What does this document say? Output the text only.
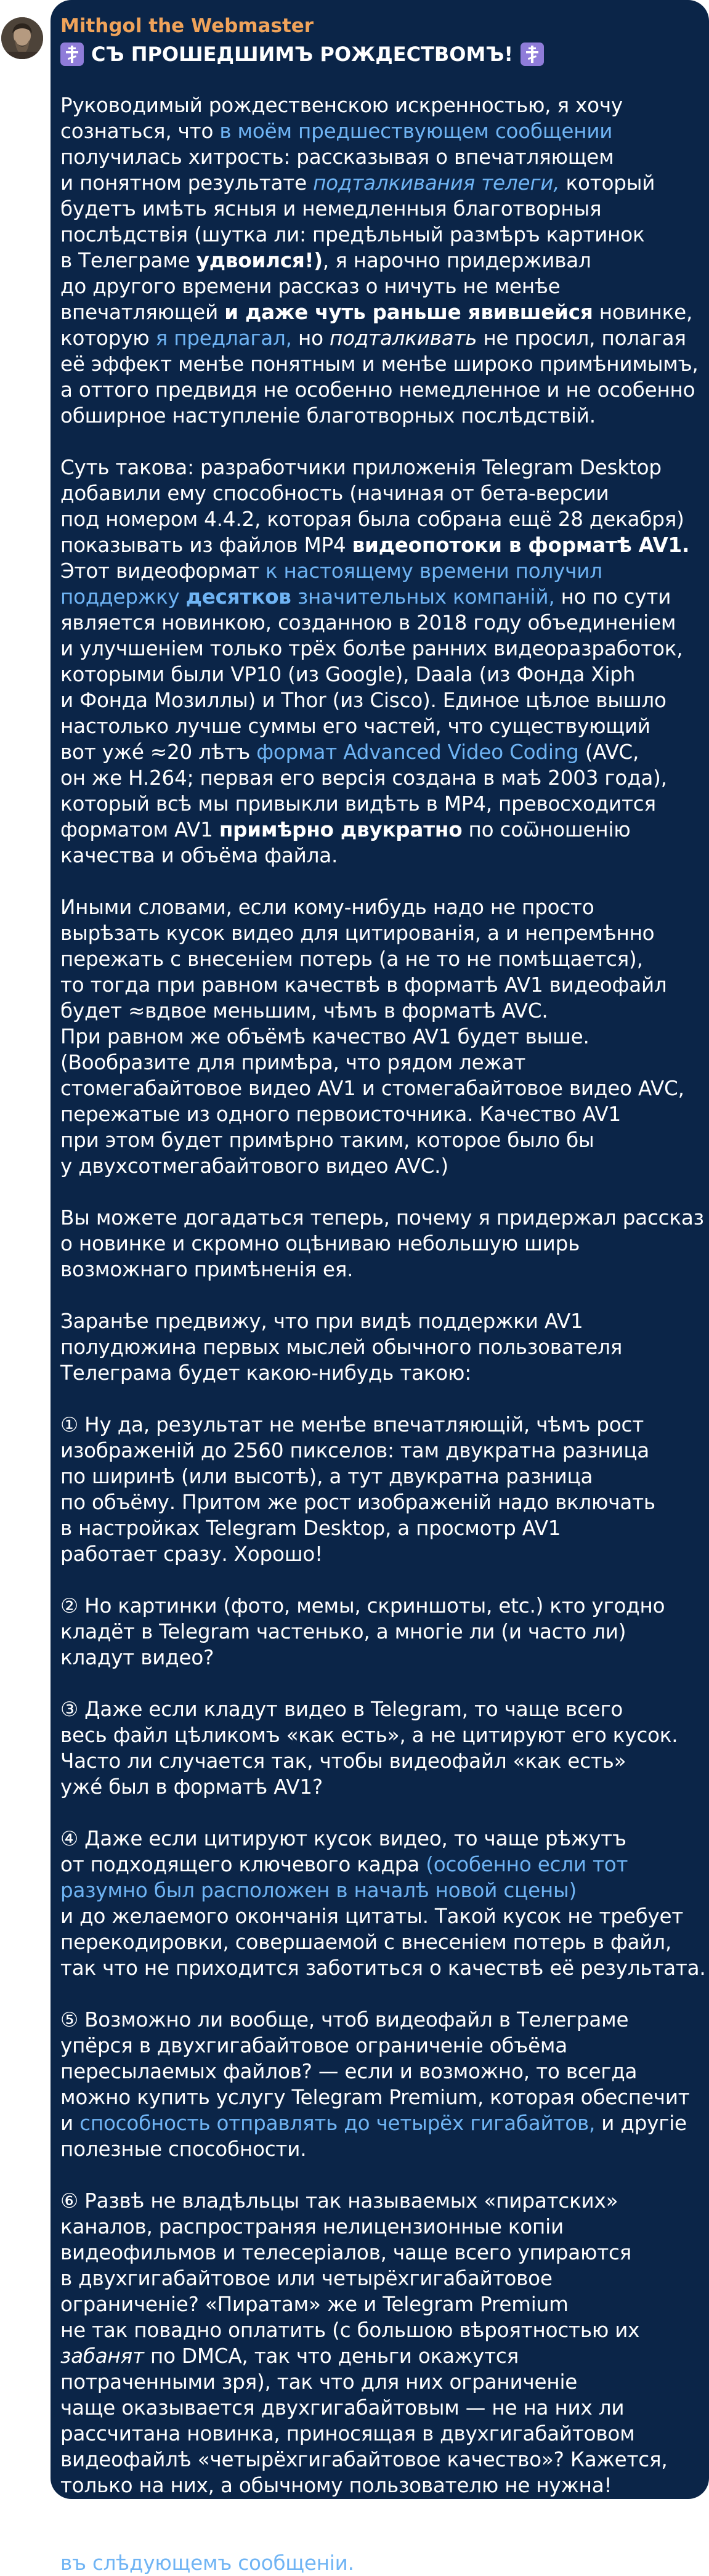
Mithgol the Webmaster
СЪ ПРОШЕДШИМЪ РОЖДЕСТВОМЪ!

Руководимый рождественскою искренностью, я хочу
сознаться, что в моём предшествующем сообщении
получилась хитрость: рассказывая о впечатляющем
и понятном результате подталкивания телеги, который
будетъ имѣть ясныя и немедленныя благотворныя
послѣдствія (шутка ли: предѣльный размѣръ картинок
в Телеграме удвоился!), я нарочно придерживал
до другого времени рассказ о ничуть не менѣе
впечатляющей и даже чуть раньше явившейся новинке,
которую я предлагал, но подталкивать не просил, полагая
её эффект менѣе понятным и менѣе широко примѣнимымъ,
а оттого предвидя не особенно немедленное и не особенно
обширное наступленіе благотворных послѣдствій.

Суть такова: разработчики приложенія Telegram Desktop
добавили ему способность (начиная от бета-версии
под номером 4.4.2, которая была собрана ещё 28 декабря)
показывать из файлов MP4 видеопотоки в форматѣ AV1.
Этот видеоформат к настоящему времени получил
поддержку десятков значительных компаній, но по сути
является новинкою, созданною в 2018 году объединеніем
и улучшеніем только трёх болѣе ранних видеоразработок,
которыми были VP10 (из Google), Daala (из Фонда Xiph
и Фонда Мозиллы) и Thor (из Cisco). Единое цѣлое вышло
настолько лучше суммы его частей, что существующий
вот ужé ≈20 лѣтъ формат Advanced Video Coding (AVC,
он же H.264; первая его версія создана в маѣ 2003 года),
который всѣ мы привыкли видѣть в MP4, превосходится
форматом AV1 примѣрно двукратно по соѿношенію
качества и объёма файла.

Иными словами, если кому-нибудь надо не просто
вырѣзать кусок видео для цитированія, а и непремѣнно
пережать с внесеніем потерь (а не то не помѣщается),
то тогда при равном качествѣ в форматѣ AV1 видеофайл
будет ≈вдвое меньшим, чѣмъ в форматѣ AVC.
При равном же объёмѣ качество AV1 будет выше.
(Вообразите для примѣра, что рядом лежат
стомегабайтовое видео AV1 и стомегабайтовое видео AVC,
пережатые из одного первоисточника. Качество AV1
при этом будет примѣрно таким, которое было бы
у двухсотмегабайтового видео AVC.)

Вы можете догадаться теперь, почему я придержал рассказ
о новинке и скромно оцѣниваю небольшую ширь
возможнаго примѣненія ея.

Заранѣе предвижу, что при видѣ поддержки AV1
полудюжина первых мыслей обычного пользователя
Телеграма будет какою-нибудь такою:

① Ну да, результат не менѣе впечатляющій, чѣмъ рост
изображеній до 2560 пикселов: там двукратна разница
по ширинѣ (или высотѣ), а тут двукратна разница
по объёму. Притом же рост изображеній надо включать
в настройках Telegram Desktop, а просмотр AV1
работает сразу. Хорошо!

② Но картинки (фото, мемы, скриншоты, etc.) кто угодно
кладёт в Telegram частенько, а многіе ли (и часто ли)
кладут видео?

③ Даже если кладут видео в Telegram, то чаще всего
весь файл цѣликомъ «как есть», а не цитируют его кусок.
Часто ли случается так, чтобы видеофайл «как есть»
ужé был в форматѣ AV1?

④ Даже если цитируют кусок видео, то чаще рѣжутъ
от подходящего ключевого кадра (особенно если тот
разумно был расположен в началѣ новой сцены)
и до желаемого окончанія цитаты. Такой кусок не требует
перекодировки, совершаемой с внесеніем потерь в файл,
так что не приходится заботиться о качествѣ её результата.

⑤ Возможно ли вообще, чтоб видеофайл в Телеграме
упёрся в двухгигабайтовое ограниченіе объёма
пересылаемых файлов? — если и возможно, то всегда
можно купить услугу Telegram Premium, которая обеспечит
и способность отправлять до четырёх гигабайтов, и другіе
полезные способности.

⑥ Развѣ не владѣльцы так называемых «пиратских»
каналов, распространяя нелицензионные копіи
видеофильмов и телесеріалов, чаще всего упираются
в двухгигабайтовое или четырёхгигабайтовое
ограниченіе? «Пиратам» же и Telegram Premium
не так повадно оплатить (с большою вѣроятностью их
забанят по DMCA, так что деньги окажутся
потраченными зря), так что для них ограниченіе
чаще оказывается двухгигабайтовым — не на них ли
рассчитана новинка, приносящая в двухгигабайтовом
видеофайлѣ «четырёхгигабайтовое качество»? Кажется,
только на них, а обычному пользователю не нужна!

Реальная примѣнимость AV1 всё же ширѣ, о чём я расскажу
въ слѣдующемъ сообщеніи.
